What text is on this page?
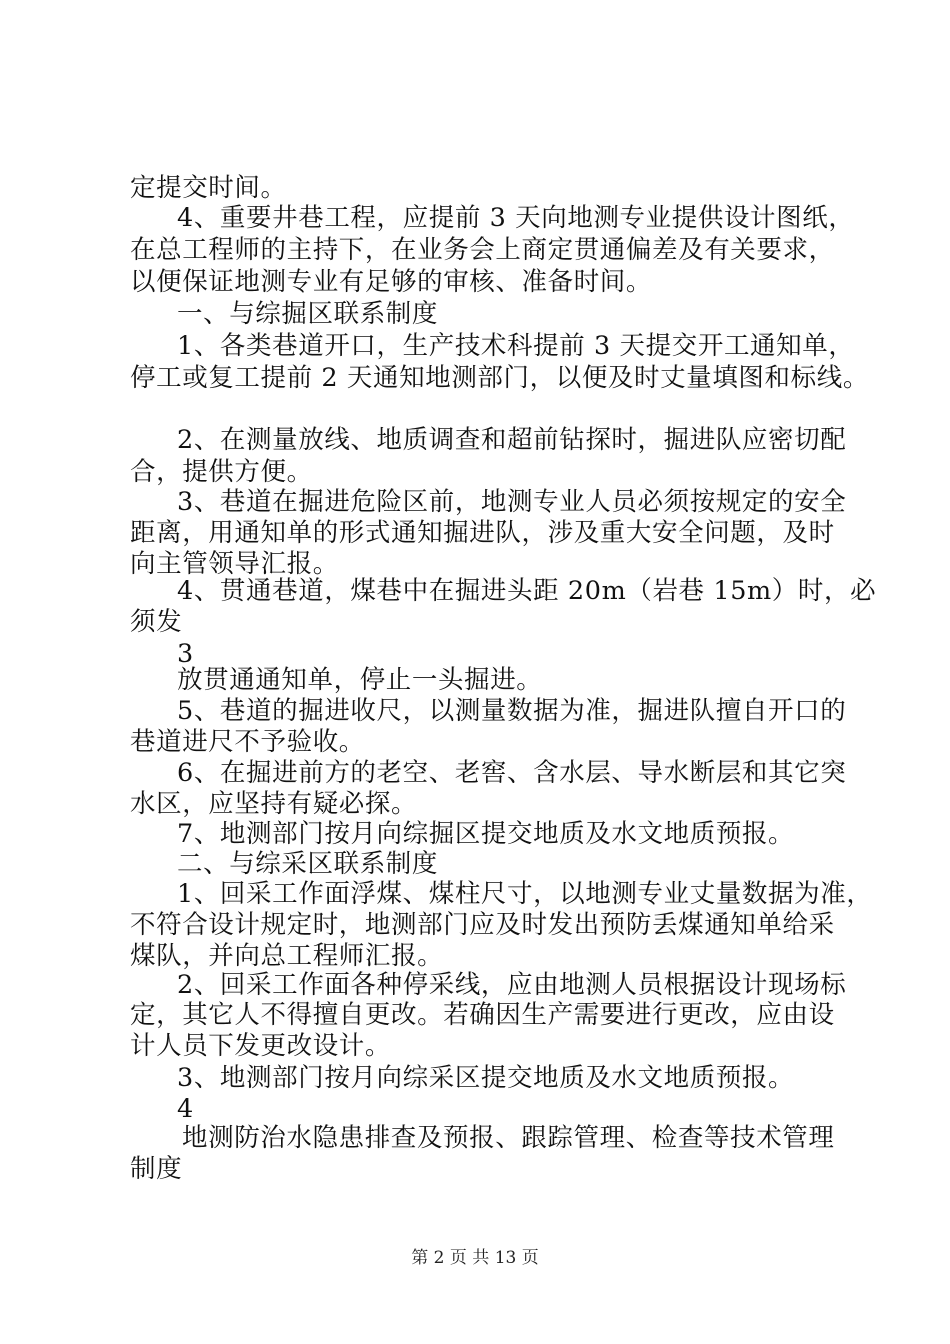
定提交时间。
4、重要井巷工程，应提前 3 天向地测专业提供设计图纸，
在总工程师的主持下，在业务会上商定贯通偏差及有关要求，
以便保证地测专业有足够的审核、准备时间。
一、与综掘区联系制度
1、各类巷道开口，生产技术科提前 3 天提交开工通知单，
停工或复工提前 2 天通知地测部门，以便及时丈量填图和标线。
2、在测量放线、地质调查和超前钻探时，掘进队应密切配
合，提供方便。
3、巷道在掘进危险区前，地测专业人员必须按规定的安全
距离，用通知单的形式通知掘进队，涉及重大安全问题，及时
向主管领导汇报。
4、贯通巷道，煤巷中在掘进头距 20m（岩巷 15m）时，必
须发
3
放贯通通知单，停止一头掘进。
5、巷道的掘进收尺，以测量数据为准，掘进队擅自开口的
巷道进尺不予验收。
6、在掘进前方的老空、老窖、含水层、导水断层和其它突
水区，应坚持有疑必探。
7、地测部门按月向综掘区提交地质及水文地质预报。
二、与综采区联系制度
1、回采工作面浮煤、煤柱尺寸，以地测专业丈量数据为准，
不符合设计规定时，地测部门应及时发出预防丢煤通知单给采
煤队，并向总工程师汇报。
2、回采工作面各种停采线，应由地测人员根据设计现场标
定，其它人不得擅自更改。若确因生产需要进行更改，应由设
计人员下发更改设计。
3、地测部门按月向综采区提交地质及水文地质预报。
4
地测防治水隐患排查及预报、跟踪管理、检查等技术管理
制度
第 2 页 共 13 页
